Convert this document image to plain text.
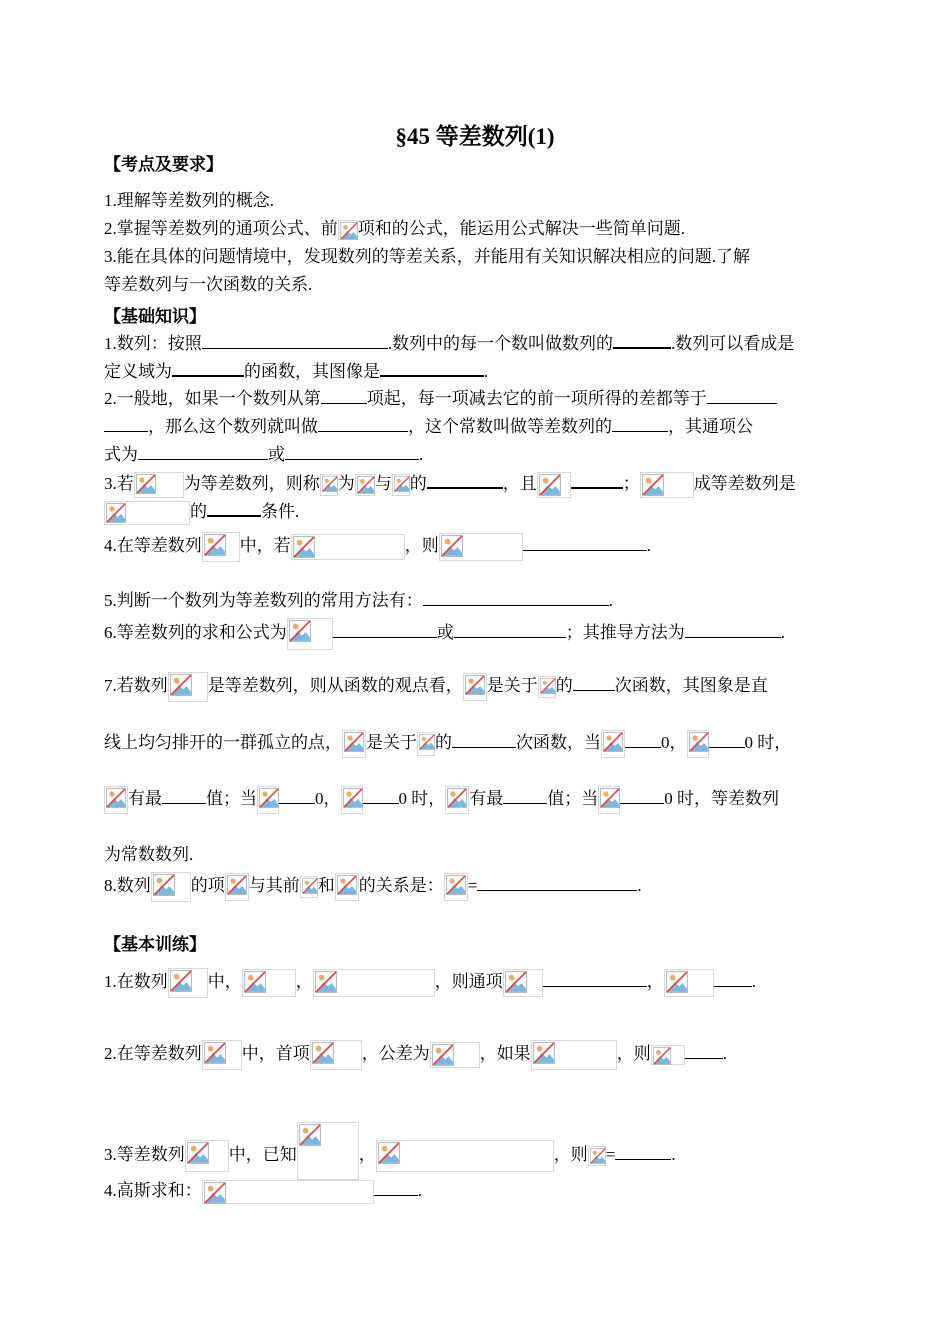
§45 等差数列(1)
【考点及要求】
1.理解等差数列的概念.
2.掌握等差数列的通项公式、前 项和的公式，能运用公式解决一些简单问题.
3.能在具体的问题情境中，发现数列的等差关系，并能用有关知识解决相应的问题.了解
等差数列与一次函数的关系.
【基础知识】
1.数列：按照	.数列中的每一个数叫做数列的	.数列可以看成是
定义域为	的函数，其图像是	.
2.一般地，如果一个数列从第	项起，每一项减去它的前一项所得的差都等于
，那么这个数列就叫做	，这个常数叫做等差数列的	，其通项公
式为	或	.
3.若	为等差数列，则称 为 与 的	，且	；	成等差数列是
的	条件.
4.在等差数列 中，若	，则	.
5.判断一个数列为等差数列的常用方法有：	.
6.等差数列的求和公式为	或	；其推导方法为	.
7.若数列 是等差数列，则从函数的观点看， 是关于 的 次函数，其图象是直
线上均匀排开的一群孤立的点， 是关于 的	次函数，当	0，	0 时，
有最	值；当	0，	0 时， 有最	值；当	0 时，等差数列
为常数数列.
8.数列 的项 与其前 和 的关系是： =	.
【基本训练】
1.在数列 中，	，	，则通项	，	.
2.在等差数列 中，首项	，公差为	，如果	，则	.
3.等差数列	中，已知	，	，则 =	.
4.高斯求和：	.
